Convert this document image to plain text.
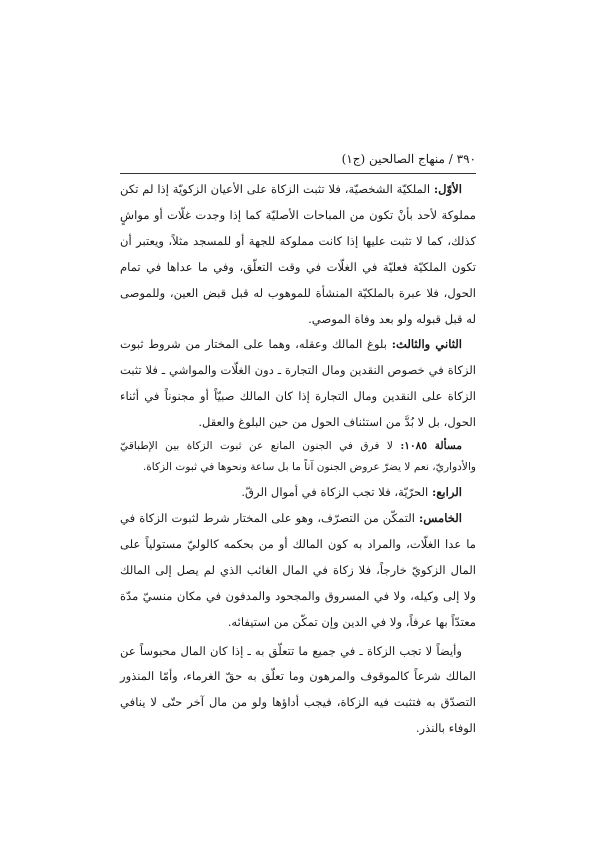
٣٩٠ / منهاج الصالحين (ج١)

الأوّل: الملكيّة الشخصيّة، فلا تثبت الزكاة على الأعيان الزكويّة إذا لم تكن مملوكة لأحد بأنْ تكون من المباحات الأصليّة كما إذا وجدت غلّات أو مواشٍ كذلك، كما لا تثبت عليها إذا كانت مملوكة للجهة أو للمسجد مثلاً، ويعتبر أن تكون الملكيّة فعليّة في الغلّات في وقت التعلّق، وفي ما عداها في تمام الحول، فلا عبرة بالملكيّة المنشأة للموهوب له قبل قبض العين، وللموصى له قبل قبوله ولو بعد وفاة الموصي.

الثاني والثالث: بلوغ المالك وعقله، وهما على المختار من شروط ثبوت الزكاة في خصوص النقدين ومال التجارة ـ دون الغلّات والمواشي ـ فلا تثبت الزكاة على النقدين ومال التجارة إذا كان المالك صبيّاً أو مجنوناً في أثناء الحول، بل لا بُدَّ من استئناف الحول من حين البلوغ والعقل.

مسألة ١٠٨٥: لا فرق في الجنون المانع عن ثبوت الزكاة بين الإطباقيّ والأدواريّ، نعم لا يضرّ عروض الجنون آناً ما بل ساعة ونحوها في ثبوت الزكاة.

الرابع: الحرّيّة، فلا تجب الزكاة في أموال الرقّ.

الخامس: التمكّن من التصرّف، وهو على المختار شرط لثبوت الزكاة في ما عدا الغلّات، والمراد به كون المالك أو من بحكمه كالوليّ مستولياً على المال الزكويّ خارجاً، فلا زكاة في المال الغائب الذي لم يصل إلى المالك ولا إلى وكيله، ولا في المسروق والمجحود والمدفون في مكان منسيّ مدّة معتدّاً بها عرفاً، ولا في الدين وإن تمكّن من استيفائه.

وأيضاً لا تجب الزكاة ـ في جميع ما تتعلّق به ـ إذا كان المال محبوساً عن المالك شرعاً كالموقوف والمرهون وما تعلّق به حقّ الغرماء، وأمّا المنذور التصدّق به فتثبت فيه الزكاة، فيجب أداؤها ولو من مال آخر حتّى لا ينافي الوفاء بالنذر.
